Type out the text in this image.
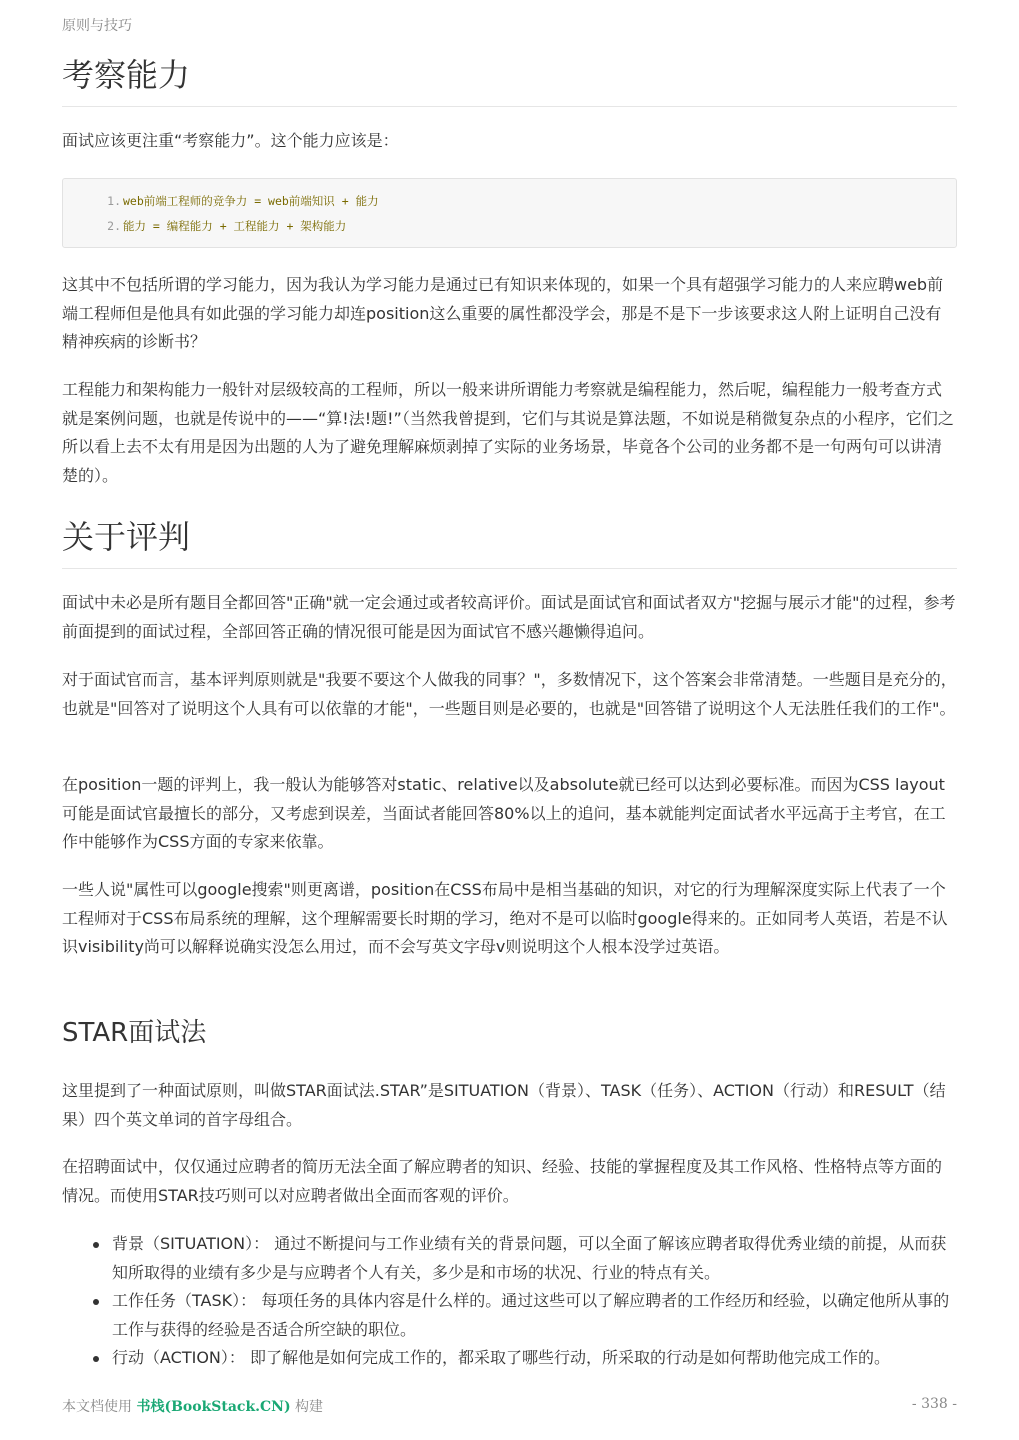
原则与技巧
考察能力

面试应该更注重“考察能力”。这个能力应该是：

1. web前端工程师的竞争力 = web前端知识 + 能力
2. 能力 = 编程能力 + 工程能力 + 架构能力

这其中不包括所谓的学习能力，因为我认为学习能力是通过已有知识来体现的，如果一个具有超强学习能力的人来应聘web前端工程师但是他具有如此强的学习能力却连position这么重要的属性都没学会，那是不是下一步该要求这人附上证明自己没有精神疾病的诊断书？

工程能力和架构能力一般针对层级较高的工程师，所以一般来讲所谓能力考察就是编程能力，然后呢，编程能力一般考查方式就是案例问题，也就是传说中的——“算!法!题!”（当然我曾提到，它们与其说是算法题，不如说是稍微复杂点的小程序，它们之所以看上去不太有用是因为出题的人为了避免理解麻烦剥掉了实际的业务场景，毕竟各个公司的业务都不是一句两句可以讲清楚的）。

关于评判

面试中未必是所有题目全都回答"正确"就一定会通过或者较高评价。面试是面试官和面试者双方"挖掘与展示才能"的过程，参考前面提到的面试过程，全部回答正确的情况很可能是因为面试官不感兴趣懒得追问。

对于面试官而言，基本评判原则就是"我要不要这个人做我的同事？"，多数情况下，这个答案会非常清楚。一些题目是充分的，也就是"回答对了说明这个人具有可以依靠的才能"，一些题目则是必要的，也就是"回答错了说明这个人无法胜任我们的工作"。

在position一题的评判上，我一般认为能够答对static、relative以及absolute就已经可以达到必要标准。而因为CSS layout可能是面试官最擅长的部分，又考虑到误差，当面试者能回答80%以上的追问，基本就能判定面试者水平远高于主考官，在工作中能够作为CSS方面的专家来依靠。

一些人说"属性可以google搜索"则更离谱，position在CSS布局中是相当基础的知识，对它的行为理解深度实际上代表了一个工程师对于CSS布局系统的理解，这个理解需要长时期的学习，绝对不是可以临时google得来的。正如同考人英语，若是不认识visibility尚可以解释说确实没怎么用过，而不会写英文字母v则说明这个人根本没学过英语。

STAR面试法

这里提到了一种面试原则，叫做STAR面试法.STAR”是SITUATION（背景）、TASK（任务）、ACTION（行动）和RESULT（结果）四个英文单词的首字母组合。

在招聘面试中，仅仅通过应聘者的简历无法全面了解应聘者的知识、经验、技能的掌握程度及其工作风格、性格特点等方面的情况。而使用STAR技巧则可以对应聘者做出全面而客观的评价。

背景（SITUATION）： 通过不断提问与工作业绩有关的背景问题，可以全面了解该应聘者取得优秀业绩的前提，从而获知所取得的业绩有多少是与应聘者个人有关，多少是和市场的状况、行业的特点有关。
工作任务（TASK）： 每项任务的具体内容是什么样的。通过这些可以了解应聘者的工作经历和经验，以确定他所从事的工作与获得的经验是否适合所空缺的职位。
行动（ACTION）： 即了解他是如何完成工作的，都采取了哪些行动，所采取的行动是如何帮助他完成工作的。
本文档使用 书栈(BookStack.CN) 构建	- 338 -
